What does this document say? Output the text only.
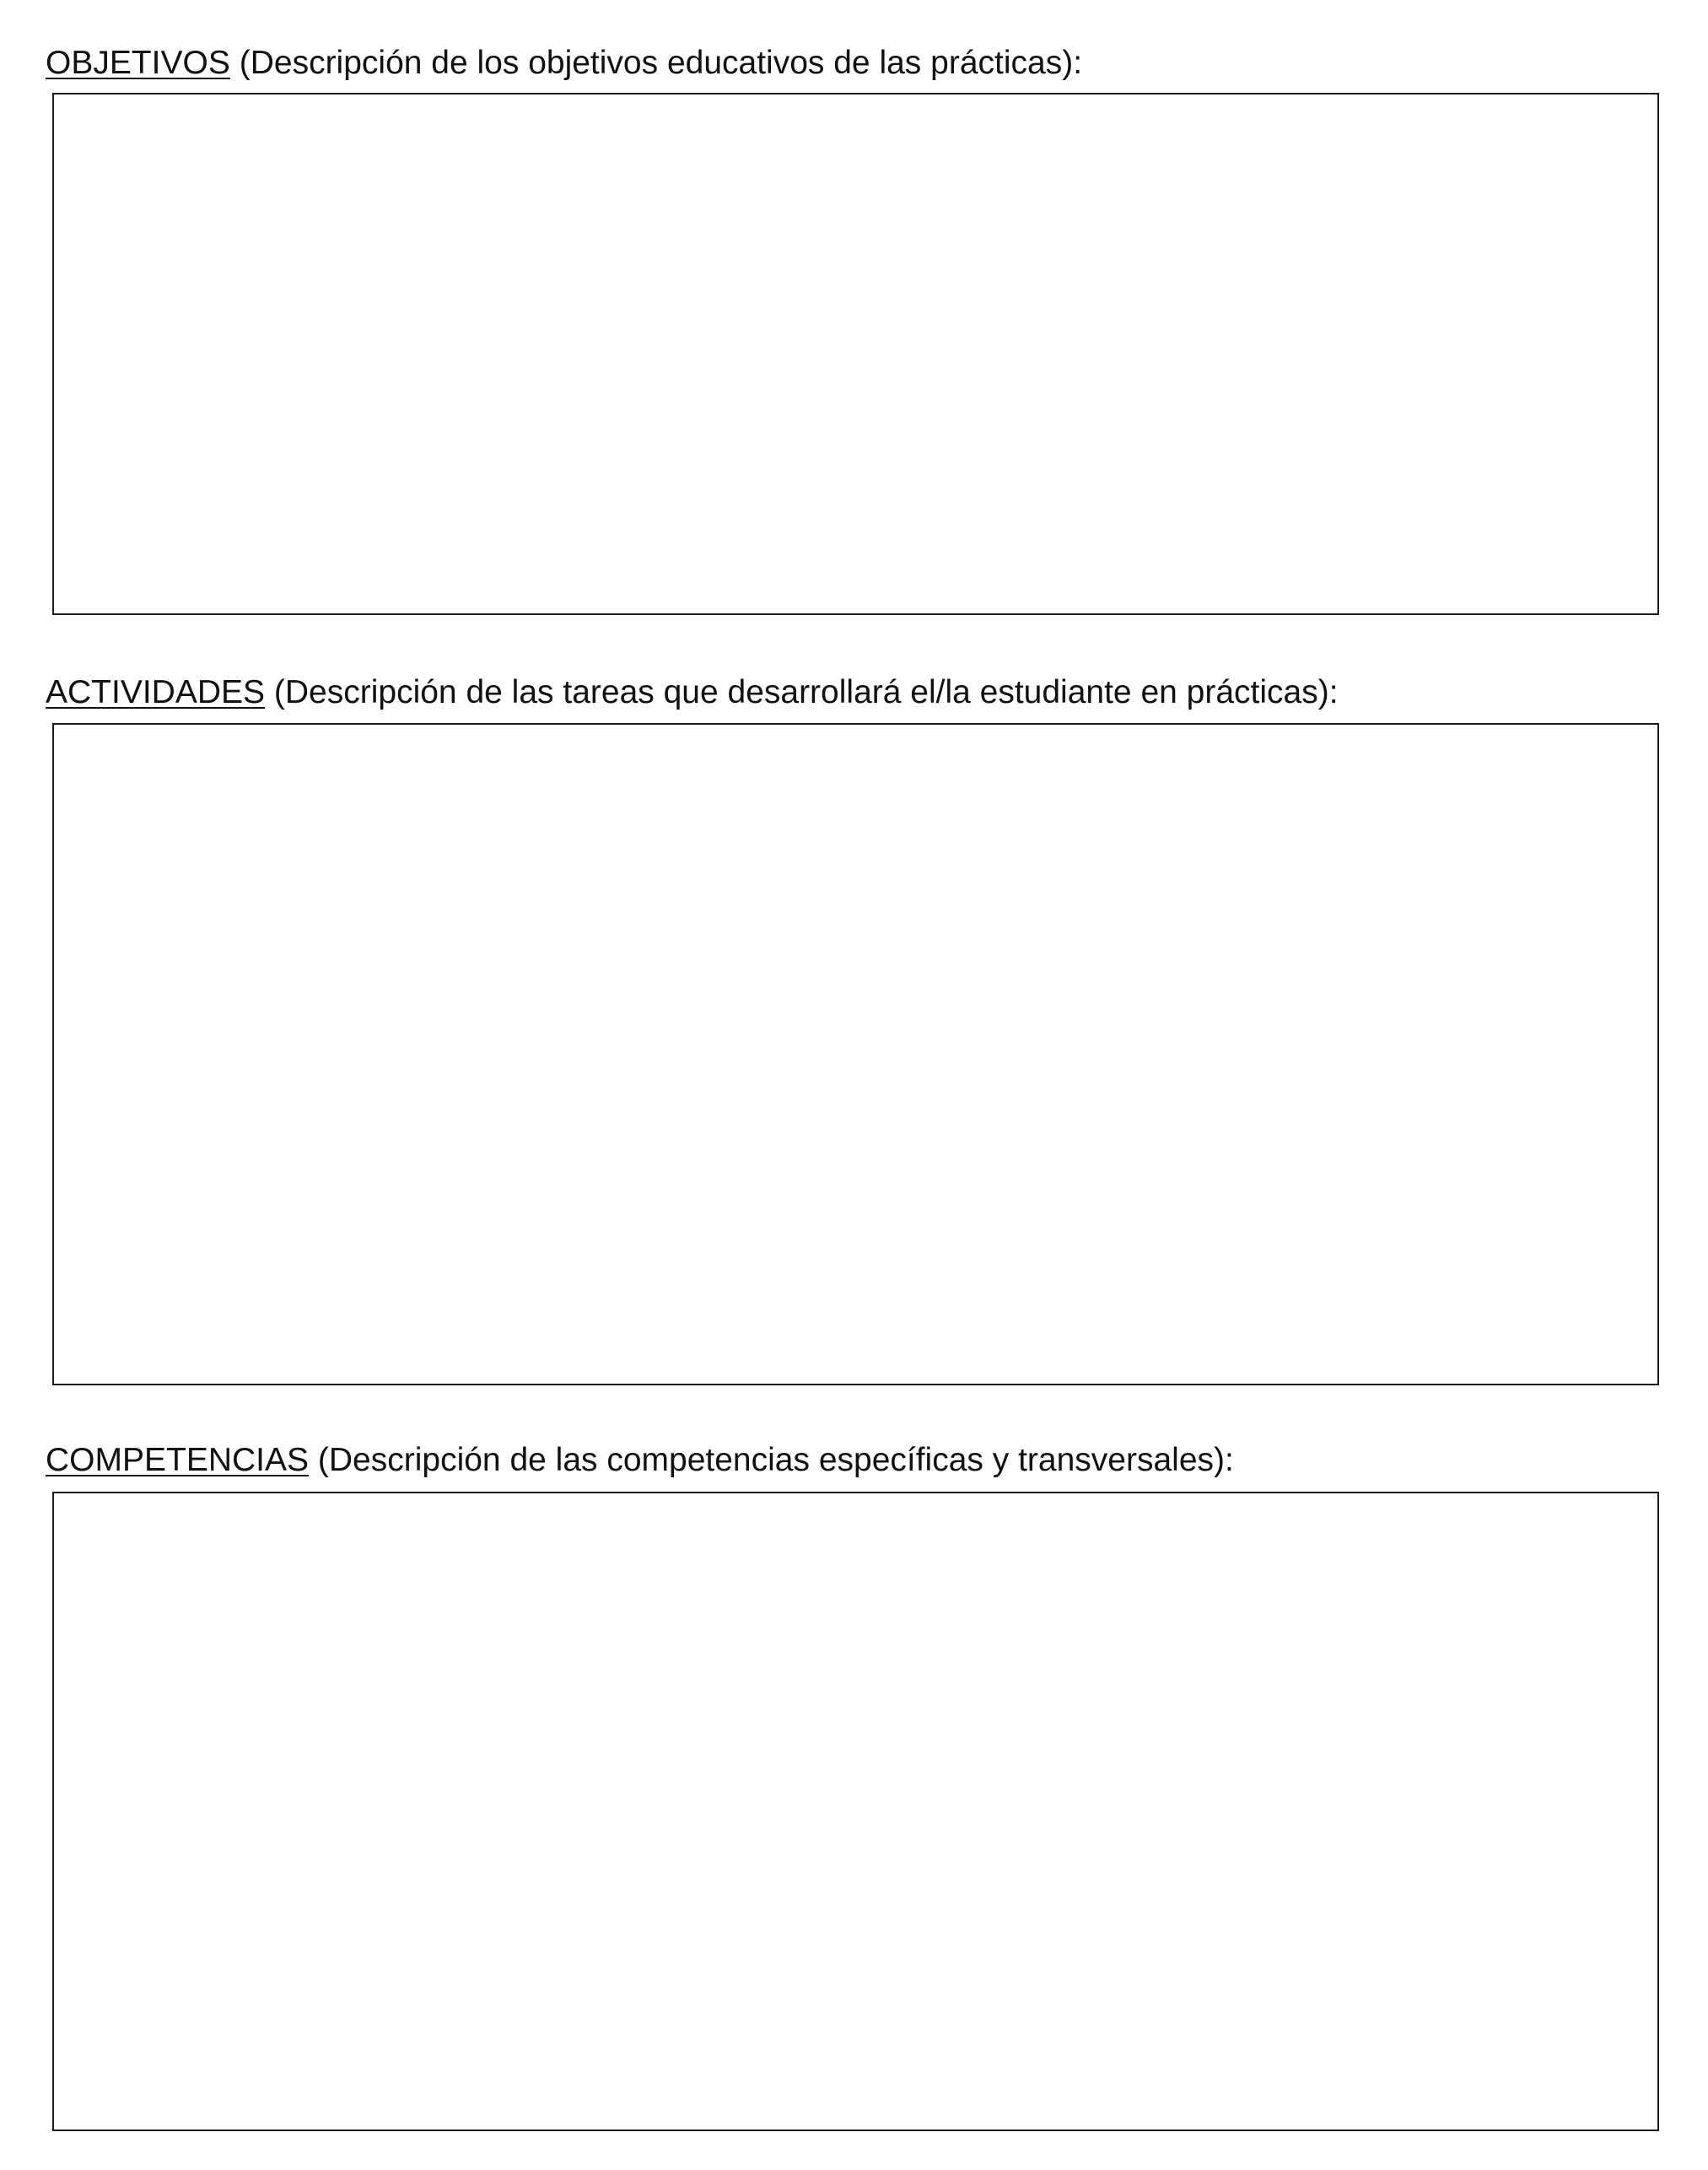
OBJETIVOS (Descripción de los objetivos educativos de las prácticas):
ACTIVIDADES (Descripción de las tareas que desarrollará el/la estudiante en prácticas):
COMPETENCIAS (Descripción de las competencias específicas y transversales):
